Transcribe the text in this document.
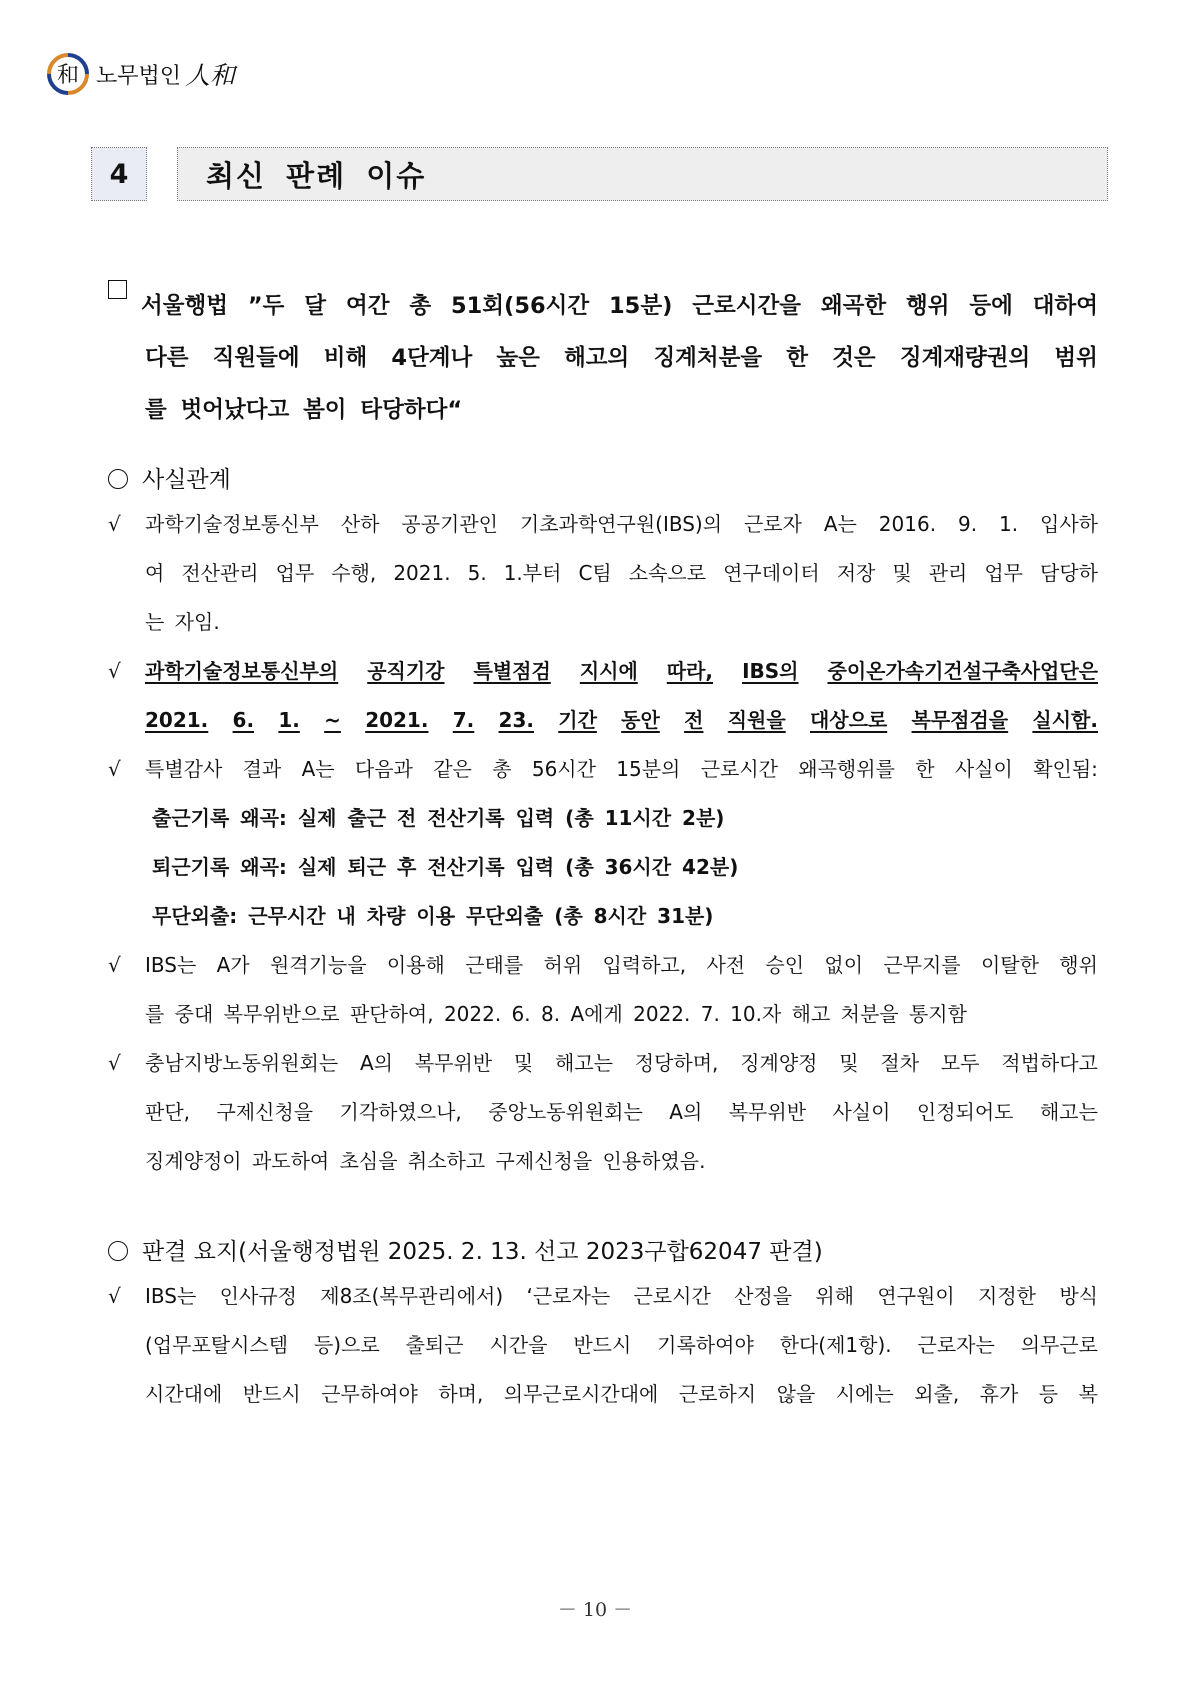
和 노무법인 人和
4	최신 판례 이슈
서울행법 ”두 달 여간 총 51회(56시간 15분) 근로시간을 왜곡한 행위 등에 대하여
다른 직원들에 비해 4단계나 높은 해고의 징계처분을 한 것은 징계재량권의 범위
를 벗어났다고 봄이 타당하다“
사실관계
√	과학기술정보통신부 산하 공공기관인 기초과학연구원(IBS)의 근로자 A는 2016. 9. 1. 입사하
여 전산관리 업무 수행, 2021. 5. 1.부터 C팀 소속으로 연구데이터 저장 및 관리 업무 담당하
는 자임.
√	과학기술정보통신부의 공직기강 특별점검 지시에 따라, IBS의 중이온가속기건설구축사업단은
2021. 6. 1. ~ 2021. 7. 23. 기간 동안 전 직원을 대상으로 복무점검을 실시함.
√	특별감사 결과 A는 다음과 같은 총 56시간 15분의 근로시간 왜곡행위를 한 사실이 확인됨:
출근기록 왜곡: 실제 출근 전 전산기록 입력 (총 11시간 2분)
퇴근기록 왜곡: 실제 퇴근 후 전산기록 입력 (총 36시간 42분)
무단외출: 근무시간 내 차량 이용 무단외출 (총 8시간 31분)
√	IBS는 A가 원격기능을 이용해 근태를 허위 입력하고, 사전 승인 없이 근무지를 이탈한 행위
를 중대 복무위반으로 판단하여, 2022. 6. 8. A에게 2022. 7. 10.자 해고 처분을 통지함
√	충남지방노동위원회는 A의 복무위반 및 해고는 정당하며, 징계양정 및 절차 모두 적법하다고
판단, 구제신청을 기각하였으나, 중앙노동위원회는 A의 복무위반 사실이 인정되어도 해고는
징계양정이 과도하여 초심을 취소하고 구제신청을 인용하였음.
판결 요지(서울행정법원 2025. 2. 13. 선고 2023구합62047 판결)
√	IBS는 인사규정 제8조(복무관리에서) ‘근로자는 근로시간 산정을 위해 연구원이 지정한 방식
(업무포탈시스템 등)으로 출퇴근 시간을 반드시 기록하여야 한다(제1항). 근로자는 의무근로
시간대에 반드시 근무하여야 하며, 의무근로시간대에 근로하지 않을 시에는 외출, 휴가 등 복
－ 10 －
